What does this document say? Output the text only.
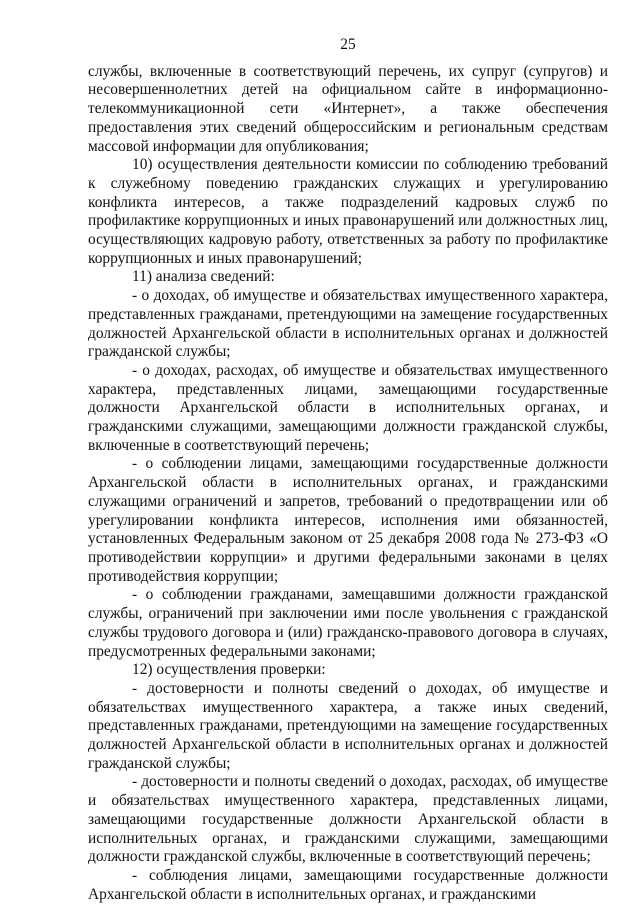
25

службы, включенные в соответствующий перечень, их супруг (супругов) и несовершеннолетних детей на официальном сайте в информационно-телекоммуникационной сети «Интернет», а также обеспечения предоставления этих сведений общероссийским и региональным средствам массовой информации для опубликования;

10) осуществления деятельности комиссии по соблюдению требований к служебному поведению гражданских служащих и урегулированию конфликта интересов, а также подразделений кадровых служб по профилактике коррупционных и иных правонарушений или должностных лиц, осуществляющих кадровую работу, ответственных за работу по профилактике коррупционных и иных правонарушений;

11) анализа сведений:

- о доходах, об имуществе и обязательствах имущественного характера, представленных гражданами, претендующими на замещение государственных должностей Архангельской области в исполнительных органах и должностей гражданской службы;

- о доходах, расходах, об имуществе и обязательствах имущественного характера, представленных лицами, замещающими государственные должности Архангельской области в исполнительных органах, и гражданскими служащими, замещающими должности гражданской службы, включенные в соответствующий перечень;

- о соблюдении лицами, замещающими государственные должности Архангельской области в исполнительных органах, и гражданскими служащими ограничений и запретов, требований о предотвращении или об урегулировании конфликта интересов, исполнения ими обязанностей, установленных Федеральным законом от 25 декабря 2008 года № 273-ФЗ «О противодействии коррупции» и другими федеральными законами в целях противодействия коррупции;

- о соблюдении гражданами, замещавшими должности гражданской службы, ограничений при заключении ими после увольнения с гражданской службы трудового договора и (или) гражданско-правового договора в случаях, предусмотренных федеральными законами;

12) осуществления проверки:

- достоверности и полноты сведений о доходах, об имуществе и обязательствах имущественного характера, а также иных сведений, представленных гражданами, претендующими на замещение государственных должностей Архангельской области в исполнительных органах и должностей гражданской службы;

- достоверности и полноты сведений о доходах, расходах, об имуществе и обязательствах имущественного характера, представленных лицами, замещающими государственные должности Архангельской области в исполнительных органах, и гражданскими служащими, замещающими должности гражданской службы, включенные в соответствующий перечень;

- соблюдения лицами, замещающими государственные должности Архангельской области в исполнительных органах, и гражданскими
